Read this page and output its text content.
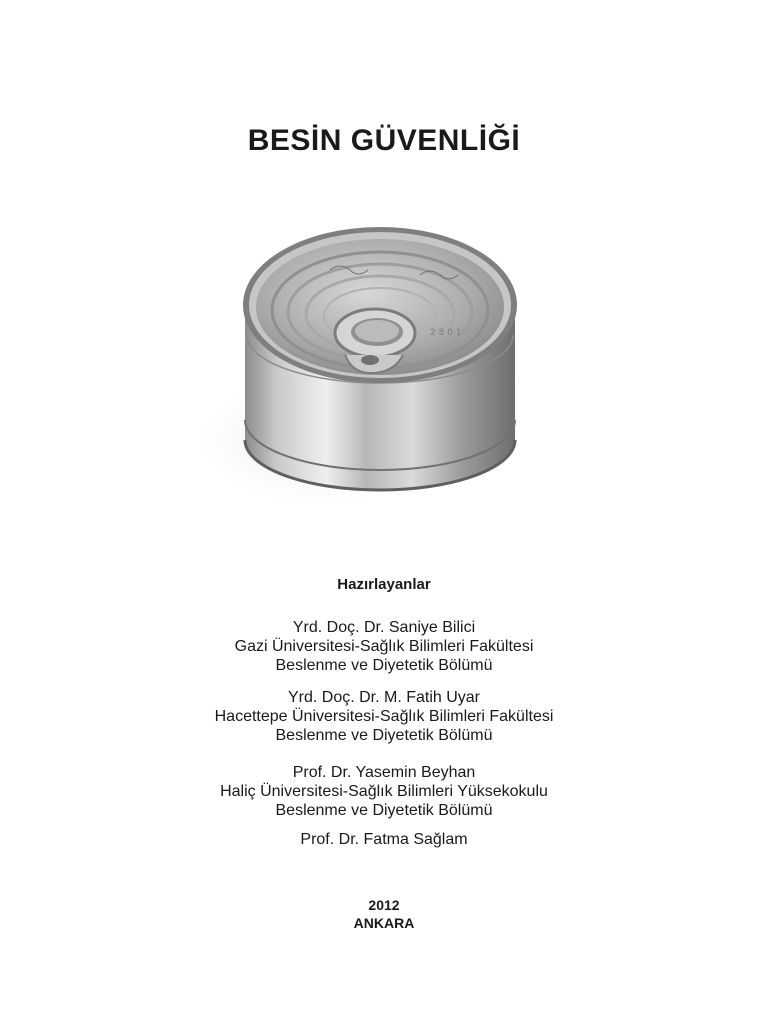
BESİN GÜVENLİĞİ
2 8 0 1
Hazırlayanlar
Yrd. Doç. Dr. Saniye Bilici
Gazi Üniversitesi-Sağlık Bilimleri Fakültesi
Beslenme ve Diyetetik Bölümü
Yrd. Doç. Dr. M. Fatih Uyar
Hacettepe Üniversitesi-Sağlık Bilimleri Fakültesi
Beslenme ve Diyetetik Bölümü
Prof. Dr. Yasemin Beyhan
Haliç Üniversitesi-Sağlık Bilimleri Yüksekokulu
Beslenme ve Diyetetik Bölümü
Prof. Dr. Fatma Sağlam
2012
ANKARA
